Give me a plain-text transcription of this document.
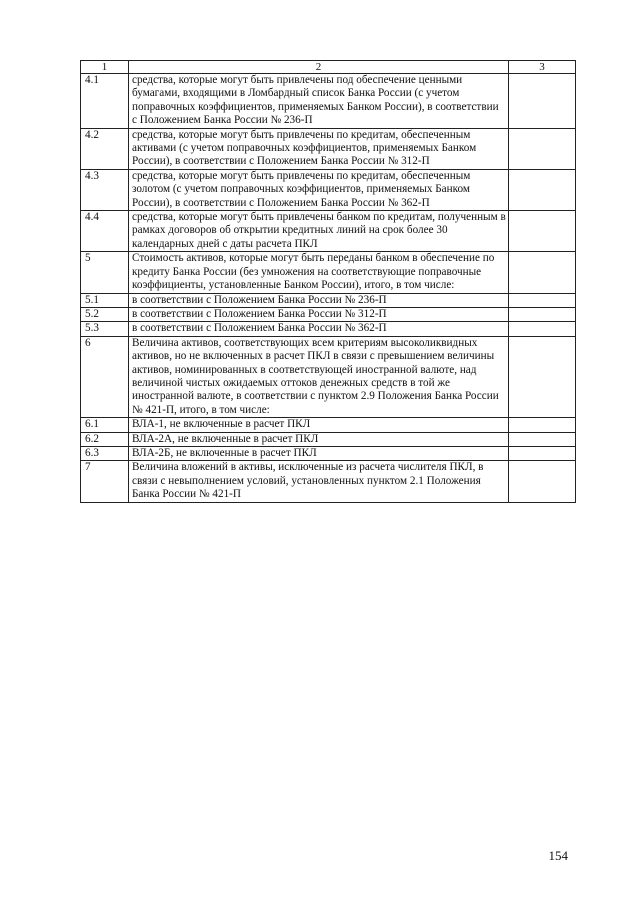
1	2	3
4.1	средства, которые могут быть привлечены под обеспечение ценными бумагами, входящими в Ломбардный список Банка России (с учетом поправочных коэффициентов, применяемых Банком России), в соответствии с Положением Банка России № 236-П	
4.2	средства, которые могут быть привлечены по кредитам, обеспеченным активами (с учетом поправочных коэффициентов, применяемых Банком России), в соответствии с Положением Банка России № 312-П	
4.3	средства, которые могут быть привлечены по кредитам, обеспеченным золотом (с учетом поправочных коэффициентов, применяемых Банком России), в соответствии с Положением Банка России № 362-П	
4.4	средства, которые могут быть привлечены банком по кредитам, полученным в рамках договоров об открытии кредитных линий на срок более 30 календарных дней с даты расчета ПКЛ	
5	Стоимость активов, которые могут быть переданы банком в обеспечение по кредиту Банка России (без умножения на соответствующие поправочные коэффициенты, установленные Банком России), итого, в том числе:	
5.1	в соответствии с Положением Банка России № 236-П	
5.2	в соответствии с Положением Банка России № 312-П	
5.3	в соответствии с Положением Банка России № 362-П	
6	Величина активов, соответствующих всем критериям высоколиквидных активов, но не включенных в расчет ПКЛ в связи с превышением величины активов, номинированных в соответствующей иностранной валюте, над величиной чистых ожидаемых оттоков денежных средств в той же иностранной валюте, в соответствии с пунктом 2.9 Положения Банка России № 421-П, итого, в том числе:	
6.1	ВЛА-1, не включенные в расчет ПКЛ	
6.2	ВЛА-2А, не включенные в расчет ПКЛ	
6.3	ВЛА-2Б, не включенные в расчет ПКЛ	
7	Величина вложений в активы, исключенные из расчета числителя ПКЛ, в связи с невыполнением условий, установленных пунктом 2.1 Положения Банка России № 421-П	
154
